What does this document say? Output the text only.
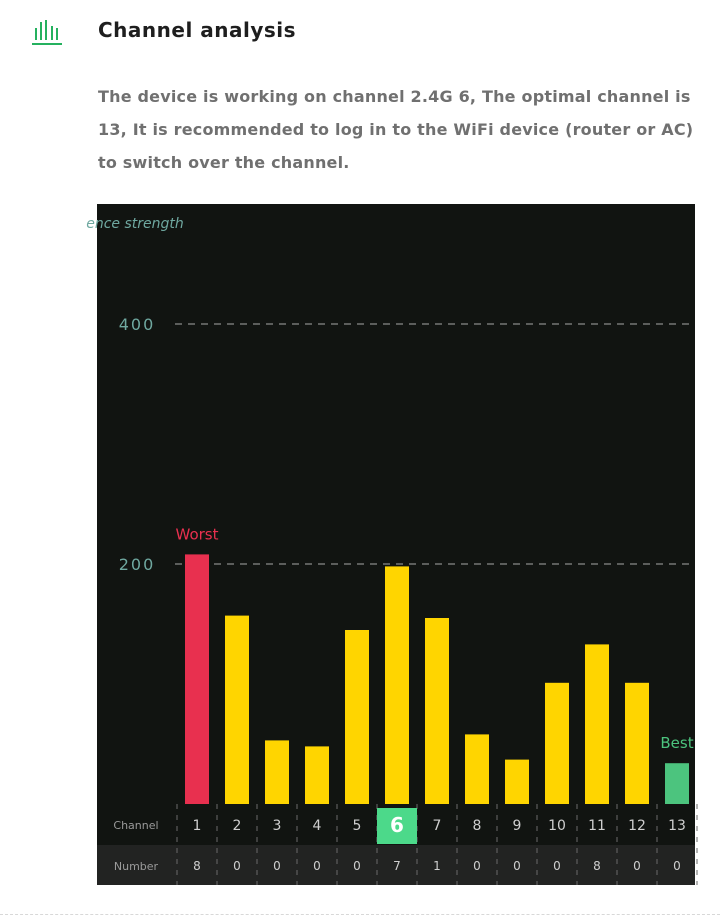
Channel analysis
The device is working on channel 2.4G 6, The optimal channel is 13, It is recommended to log in to the WiFi device (router or AC) to switch over the channel.
ence strength
200
400
Worst
Best
Channel
Number
1 2 3 4 5 6 7 8 9 10 11 12 13
8	0	0	0	0	7	1	0	0	0	8	0	0
